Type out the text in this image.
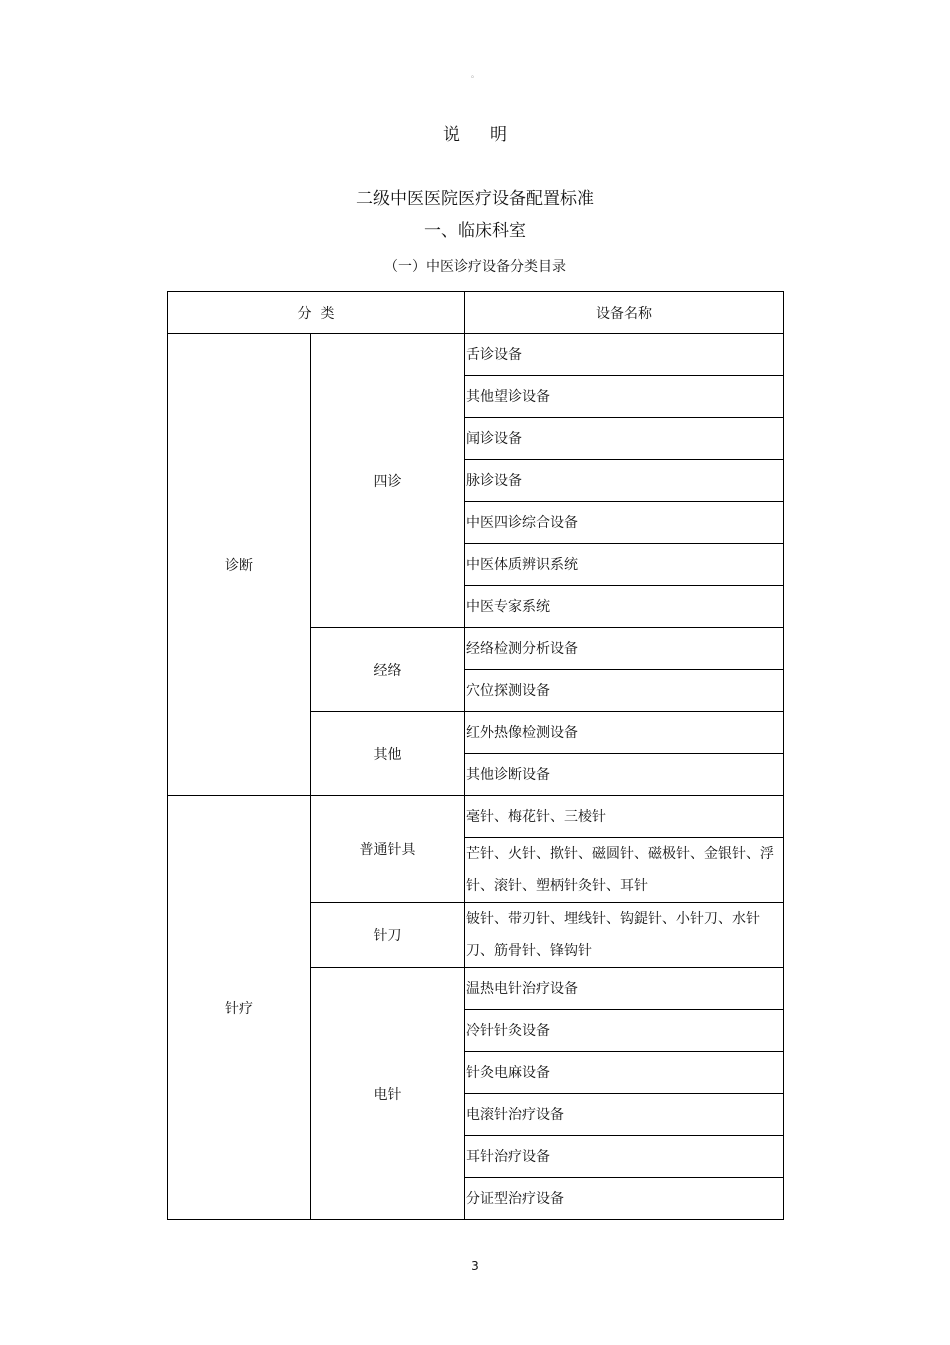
。
说 明
二级中医医院医疗设备配置标准
一、临床科室
（一）中医诊疗设备分类目录
分  类		设备名称
诊断	四诊	舌诊设备
		其他望诊设备
		闻诊设备
		脉诊设备
		中医四诊综合设备
		中医体质辨识系统
		中医专家系统
	经络	经络检测分析设备
		穴位探测设备
	其他	红外热像检测设备
		其他诊断设备
针疗	普通针具	毫针、梅花针、三棱针
		芒针、火针、揿针、磁圆针、磁极针、金银针、浮针、滚针、塑柄针灸针、耳针
	针刀	铍针、带刃针、埋线针、钩鍉针、小针刀、水针刀、筋骨针、锋钩针
	电针	温热电针治疗设备
		冷针针灸设备
		针灸电麻设备
		电滚针治疗设备
		耳针治疗设备
		分证型治疗设备
3
